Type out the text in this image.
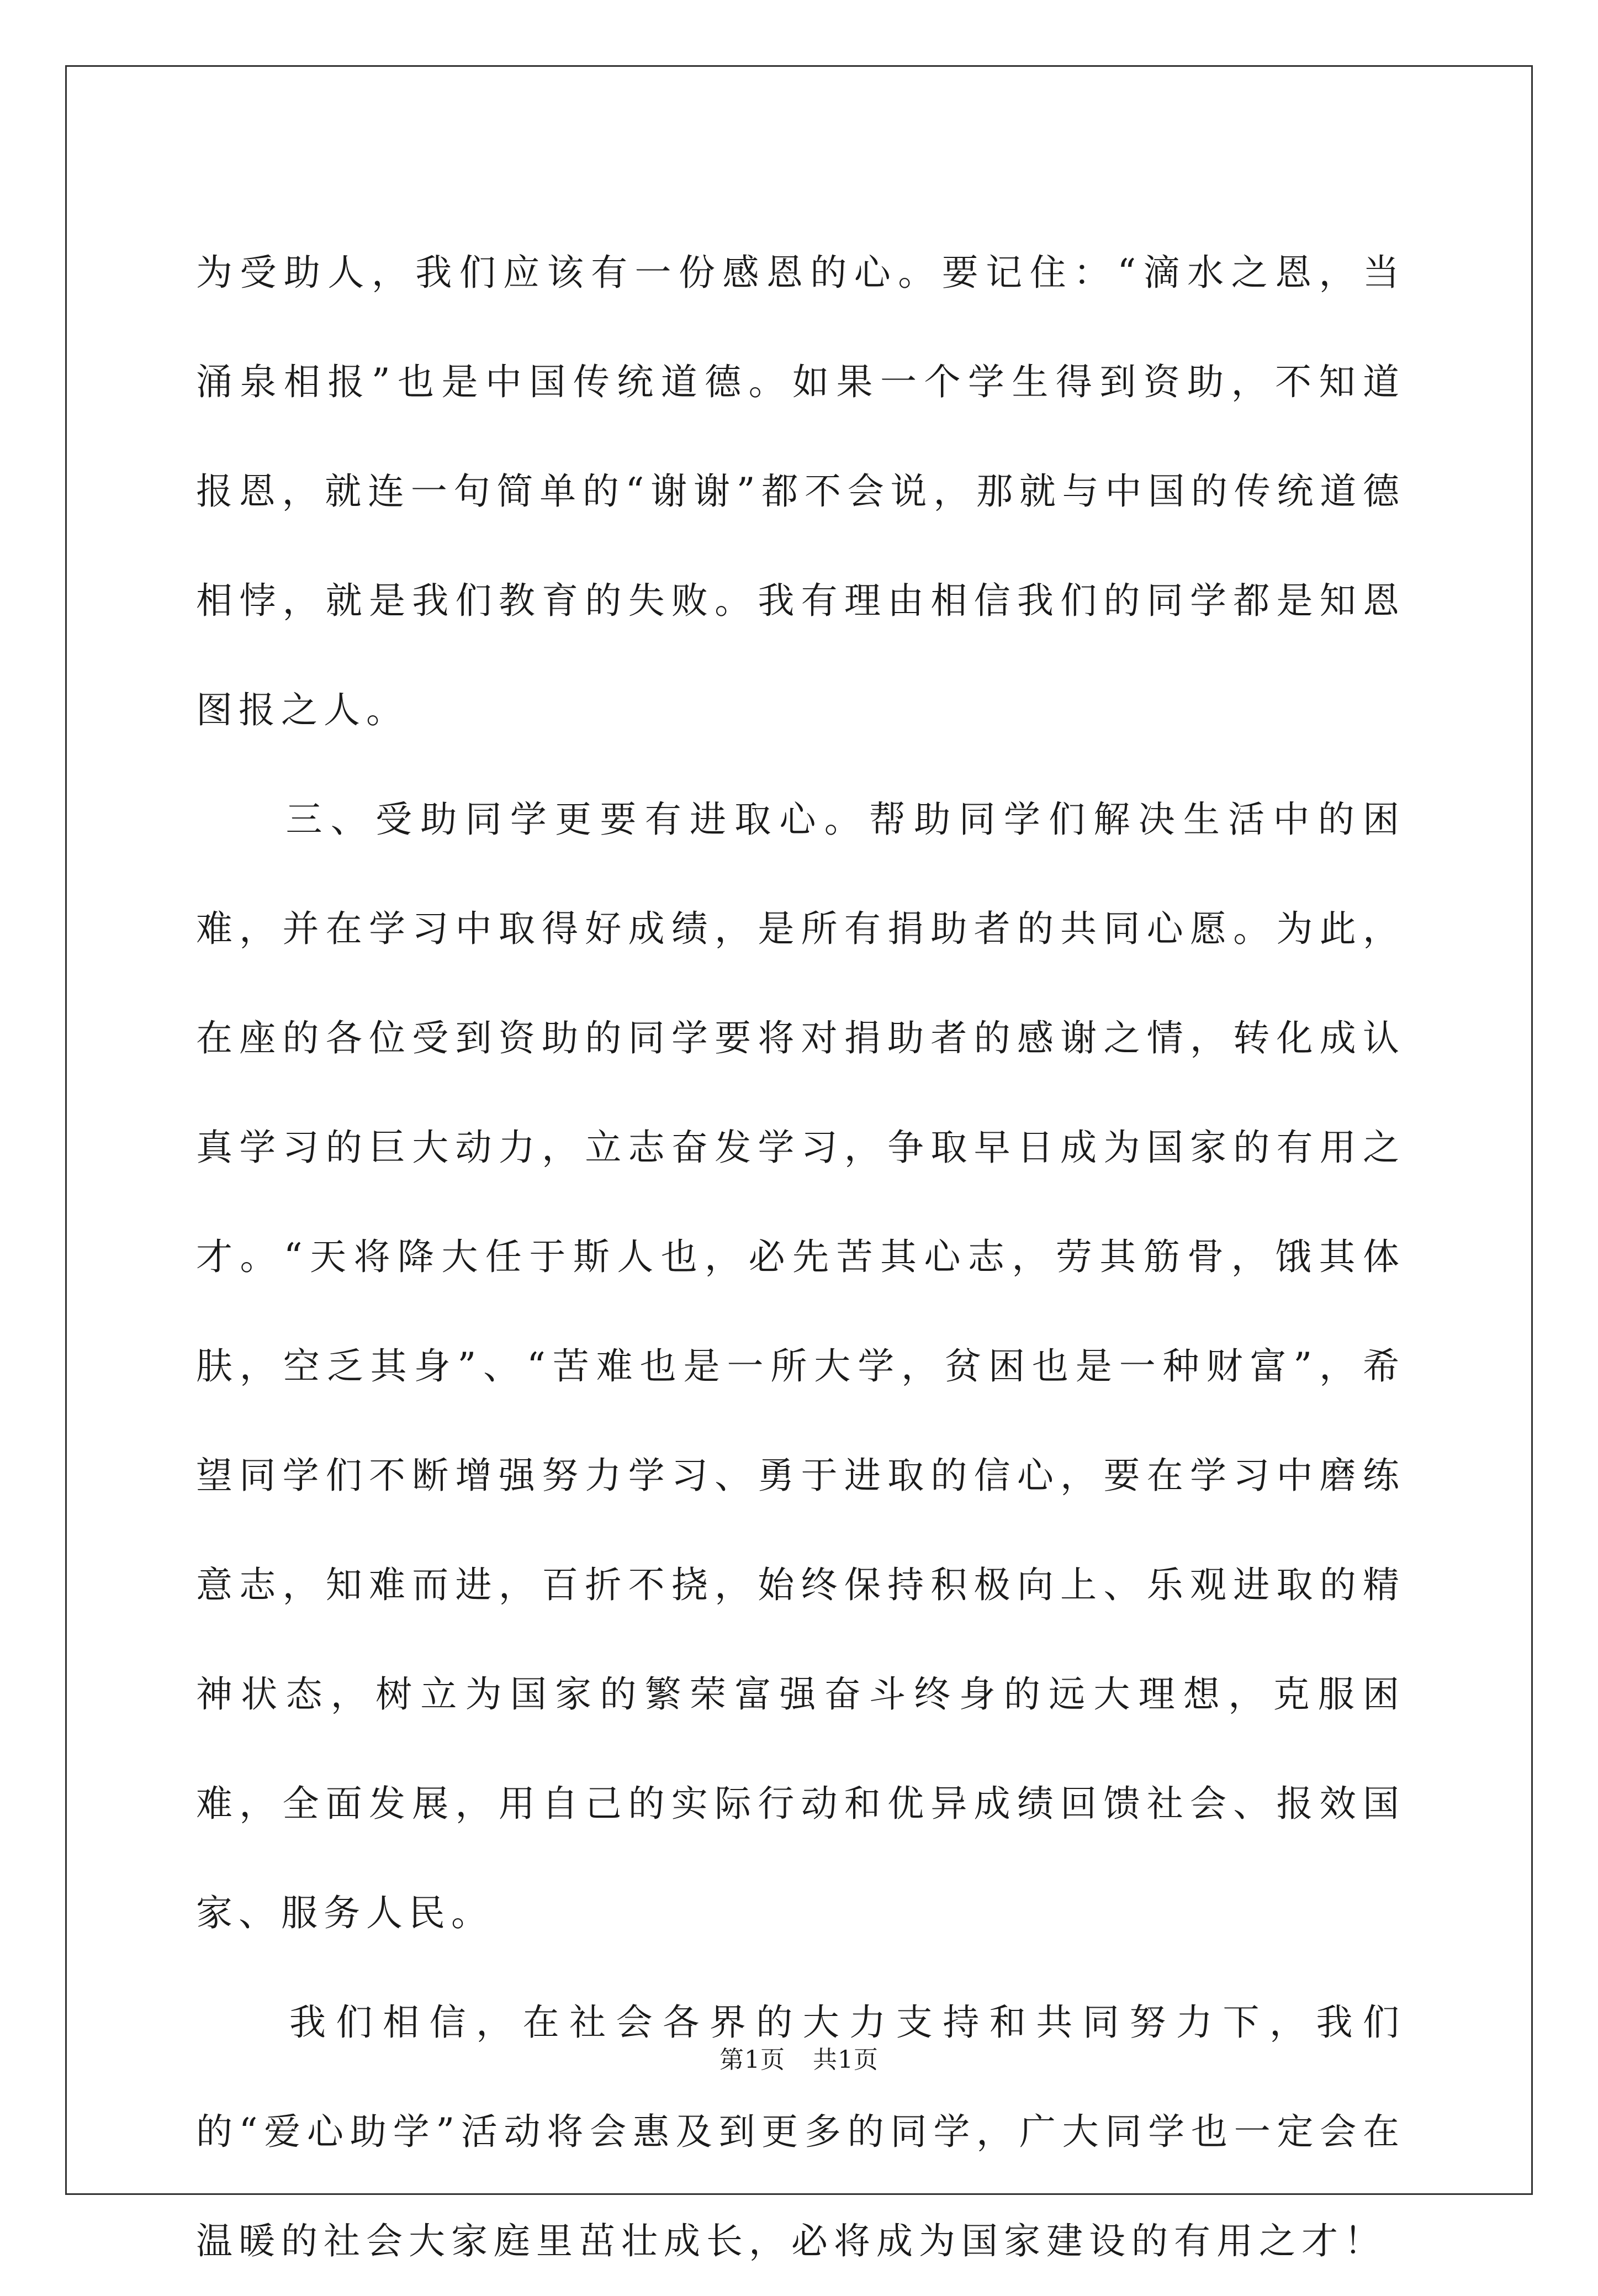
为受助人，我们应该有一份感恩的心。要记住：“滴水之恩，当涌泉相报”也是中国传统道德。如果一个学生得到资助，不知道报恩，就连一句简单的“谢谢”都不会说，那就与中国的传统道德相悖，就是我们教育的失败。我有理由相信我们的同学都是知恩图报之人。

　　三、受助同学更要有进取心。帮助同学们解决生活中的困难，并在学习中取得好成绩，是所有捐助者的共同心愿。为此，在座的各位受到资助的同学要将对捐助者的感谢之情，转化成认真学习的巨大动力，立志奋发学习，争取早日成为国家的有用之才。“天将降大任于斯人也，必先苦其心志，劳其筋骨，饿其体肤，空乏其身”、“苦难也是一所大学，贫困也是一种财富”，希望同学们不断增强努力学习、勇于进取的信心，要在学习中磨练意志，知难而进，百折不挠，始终保持积极向上、乐观进取的精神状态，树立为国家的繁荣富强奋斗终身的远大理想，克服困难，全面发展，用自己的实际行动和优异成绩回馈社会、报效国家、服务人民。

　　我们相信，在社会各界的大力支持和共同努力下，我们的“爱心助学”活动将会惠及到更多的同学，广大同学也一定会在温暖的社会大家庭里茁壮成长，必将成为国家建设的有用之才！

第1页 共1页
